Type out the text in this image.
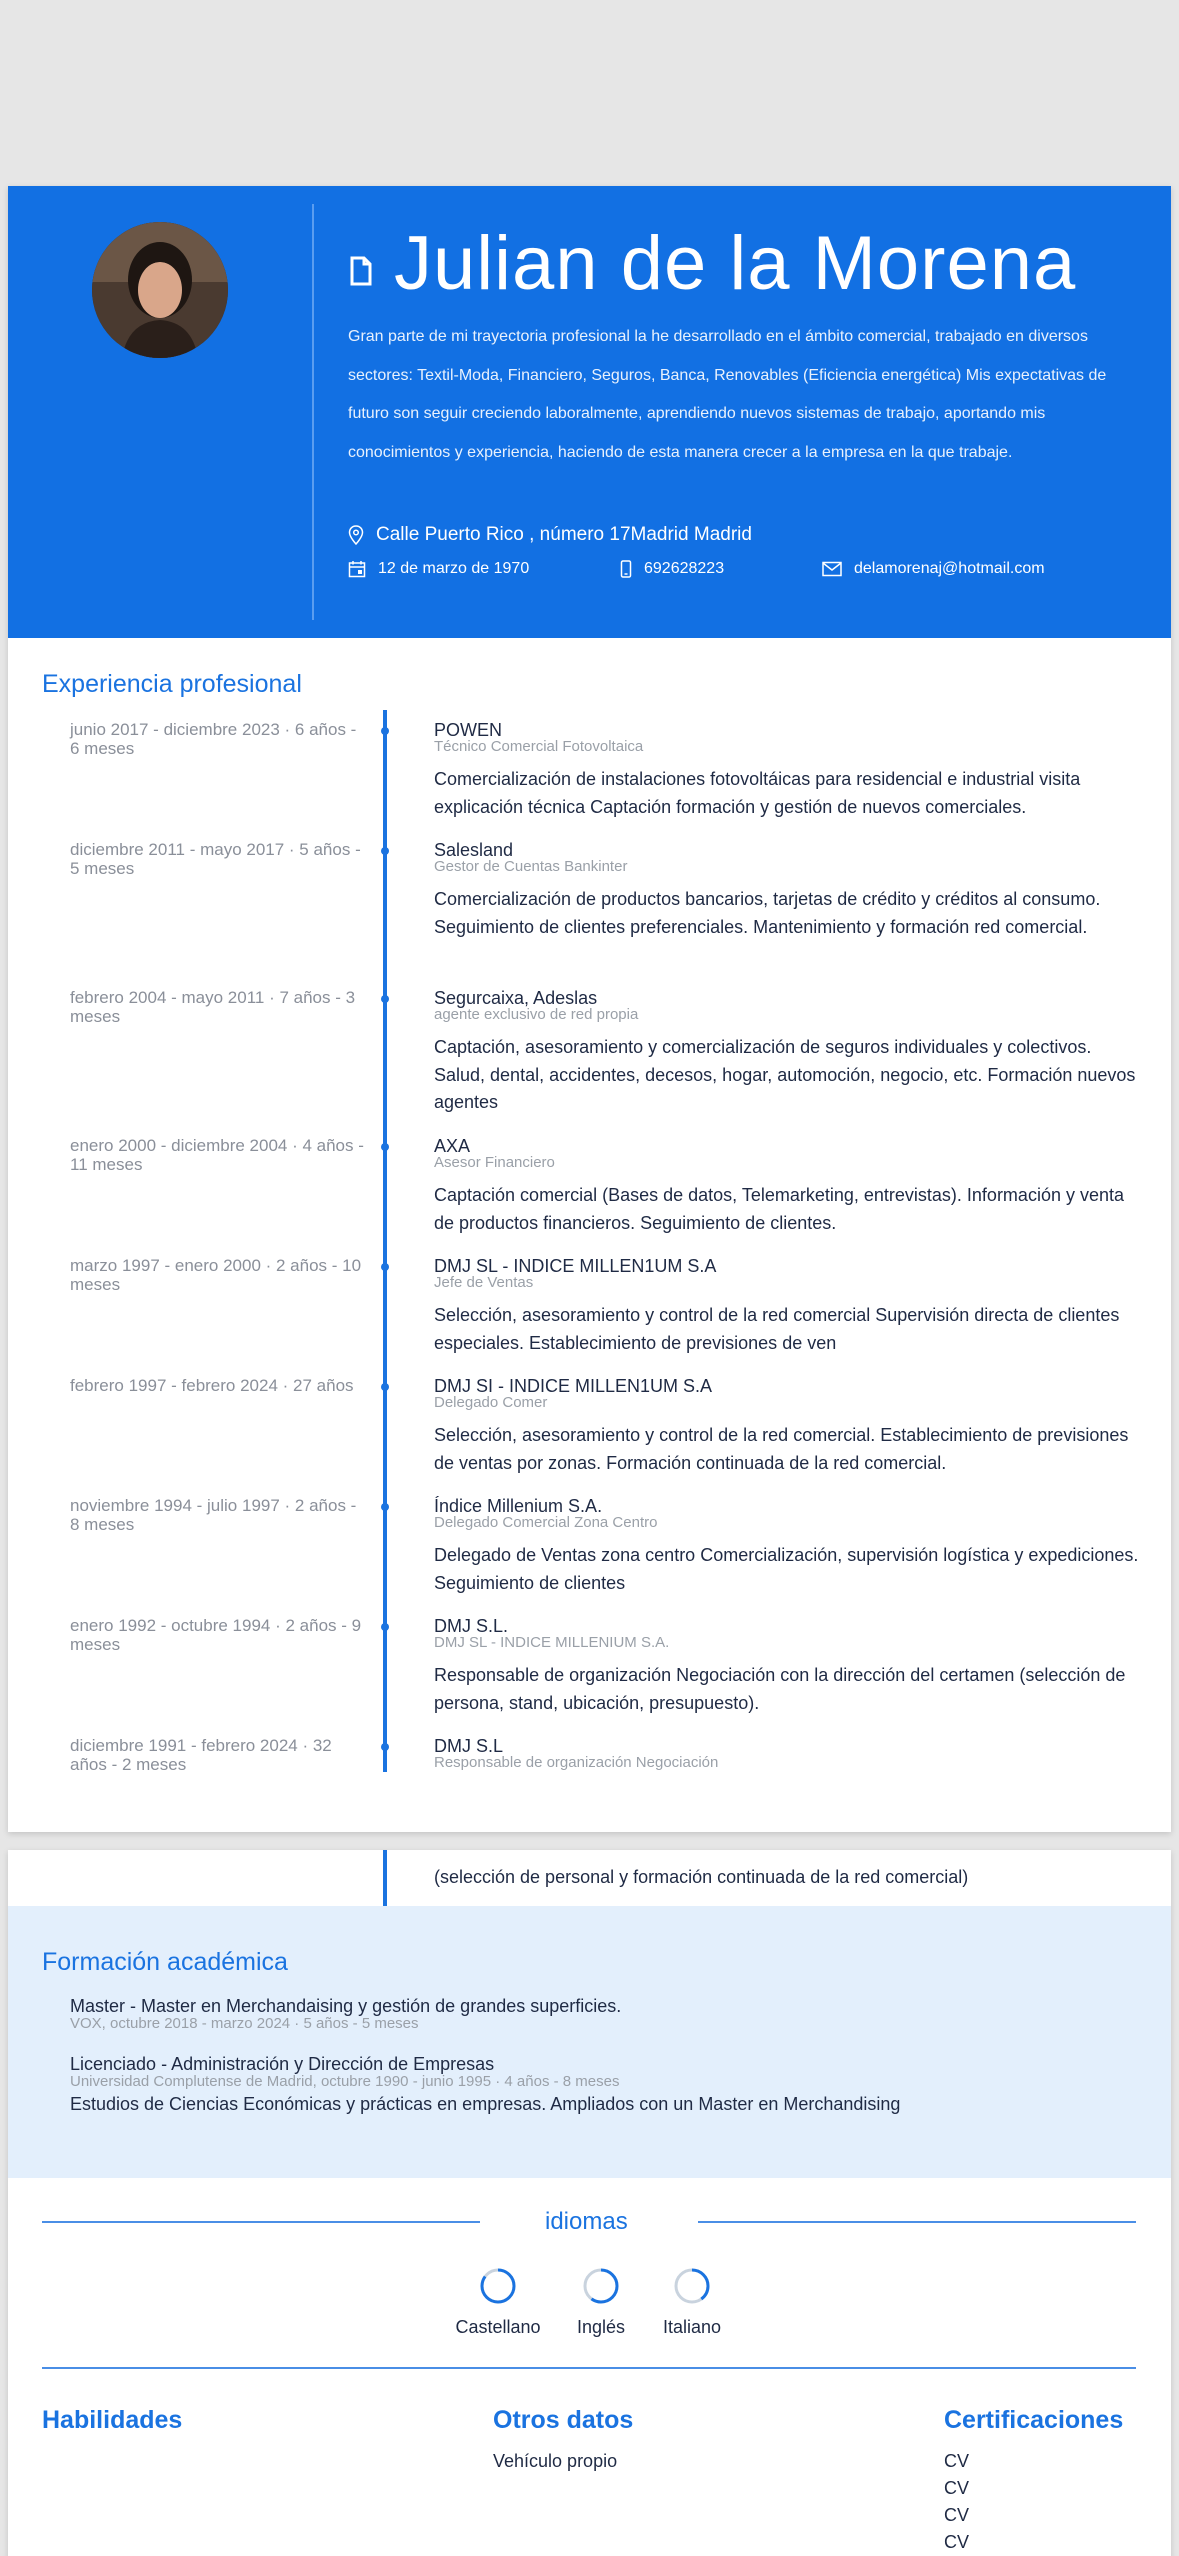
Julian de la Morena

Gran parte de mi trayectoria profesional la he desarrollado en el ámbito comercial, trabajado en diversos sectores: Textil-Moda, Financiero, Seguros, Banca, Renovables (Eficiencia energética) Mis expectativas de futuro son seguir creciendo laboralmente, aprendiendo nuevos sistemas de trabajo, aportando mis conocimientos y experiencia, haciendo de esta manera crecer a la empresa en la que trabaje.

Calle Puerto Rico , número 17Madrid Madrid
12 de marzo de 1970	692628223	delamorenaj@hotmail.com
Experiencia profesional
junio 2017 - diciembre 2023 · 6 años - 6 meses
POWEN
Técnico Comercial Fotovoltaica
Comercialización de instalaciones fotovoltáicas para residencial e industrial visita explicación técnica Captación formación y gestión de nuevos comerciales.
diciembre 2011 - mayo 2017 · 5 años - 5 meses
Salesland
Gestor de Cuentas Bankinter
Comercialización de productos bancarios, tarjetas de crédito y créditos al consumo. Seguimiento de clientes preferenciales. Mantenimiento y formación red comercial.
febrero 2004 - mayo 2011 · 7 años - 3 meses
Segurcaixa, Adeslas
agente exclusivo de red propia
Captación, asesoramiento y comercialización de seguros individuales y colectivos. Salud, dental, accidentes, decesos, hogar, automoción, negocio, etc. Formación nuevos agentes
enero 2000 - diciembre 2004 · 4 años - 11 meses
AXA
Asesor Financiero
Captación comercial (Bases de datos, Telemarketing, entrevistas). Información y venta de productos financieros. Seguimiento de clientes.
marzo 1997 - enero 2000 · 2 años - 10 meses
DMJ SL - INDICE MILLEN1UM S.A
Jefe de Ventas
Selección, asesoramiento y control de la red comercial Supervisión directa de clientes especiales. Establecimiento de previsiones de ven
febrero 1997 - febrero 2024 · 27 años	DMJ SI - INDICE MILLEN1UM S.A
Delegado Comer
Selección, asesoramiento y control de la red comercial. Establecimiento de previsiones de ventas por zonas. Formación continuada de la red comercial.
noviembre 1994 - julio 1997 · 2 años - 8 meses
Índice Millenium S.A.
Delegado Comercial Zona Centro
Delegado de Ventas zona centro Comercialización, supervisión logística y expediciones. Seguimiento de clientes
enero 1992 - octubre 1994 · 2 años - 9 meses
DMJ S.L.
DMJ SL - INDICE MILLENIUM S.A.
Responsable de organización Negociación con la dirección del certamen (selección de persona, stand, ubicación, presupuesto).
diciembre 1991 - febrero 2024 · 32 años - 2 meses
DMJ S.L
Responsable de organización Negociación
(selección de personal y formación continuada de la red comercial)
Formación académica
Master - Master en Merchandaising y gestión de grandes superficies.
VOX, octubre 2018 - marzo 2024 · 5 años - 5 meses
Licenciado - Administración y Dirección de Empresas
Universidad Complutense de Madrid, octubre 1990 - junio 1995 · 4 años - 8 meses
Estudios de Ciencias Económicas y prácticas en empresas. Ampliados con un Master en Merchandising
idiomas
Castellano	Inglés	Italiano
Habilidades	Otros datos
Vehículo propio
Certificaciones
CV
CV
CV
CV
